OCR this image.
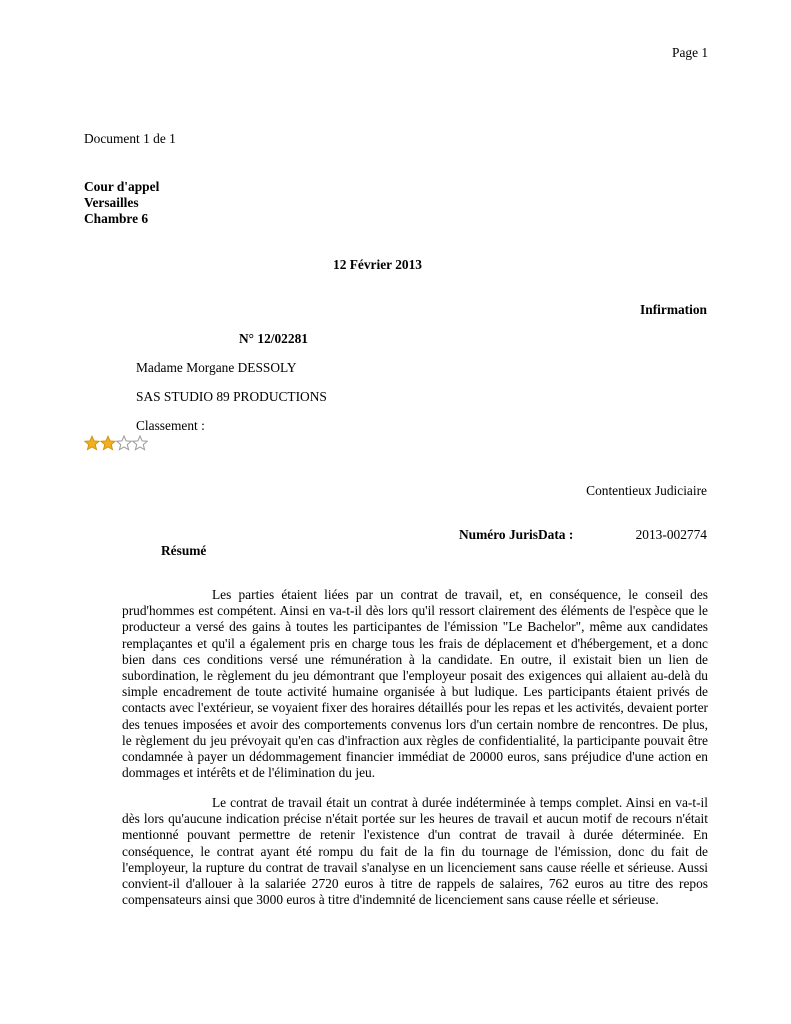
Page 1
Document 1 de 1
Cour d'appel
Versailles
Chambre 6
12 Février 2013
Infirmation
N° 12/02281
Madame Morgane DESSOLY
SAS STUDIO 89 PRODUCTIONS
Classement :
Contentieux Judiciaire
Numéro JurisData :	2013-002774
Résumé
Les parties étaient liées par un contrat de travail, et, en conséquence, le conseil des prud'hommes est compétent. Ainsi en va-t-il dès lors qu'il ressort clairement des éléments de l'espèce que le producteur a versé des gains à toutes les participantes de l'émission "Le Bachelor", même aux candidates remplaçantes et qu'il a également pris en charge tous les frais de déplacement et d'hébergement, et a donc bien dans ces conditions versé une rémunération à la candidate. En outre, il existait bien un lien de subordination, le règlement du jeu démontrant que l'employeur posait des exigences qui allaient au-delà du simple encadrement de toute activité humaine organisée à but ludique. Les participants étaient privés de contacts avec l'extérieur, se voyaient fixer des horaires détaillés pour les repas et les activités, devaient porter des tenues imposées et avoir des comportements convenus lors d'un certain nombre de rencontres. De plus, le règlement du jeu prévoyait qu'en cas d'infraction aux règles de confidentialité, la participante pouvait être condamnée à payer un dédommagement financier immédiat de 20000 euros, sans préjudice d'une action en dommages et intérêts et de l'élimination du jeu.
Le contrat de travail était un contrat à durée indéterminée à temps complet. Ainsi en va-t-il dès lors qu'aucune indication précise n'était portée sur les heures de travail et aucun motif de recours n'était mentionné pouvant permettre de retenir l'existence d'un contrat de travail à durée déterminée. En conséquence, le contrat ayant été rompu du fait de la fin du tournage de l'émission, donc du fait de l'employeur, la rupture du contrat de travail s'analyse en un licenciement sans cause réelle et sérieuse. Aussi convient-il d'allouer à la salariée 2720 euros à titre de rappels de salaires, 762 euros au titre des repos compensateurs ainsi que 3000 euros à titre d'indemnité de licenciement sans cause réelle et sérieuse.
